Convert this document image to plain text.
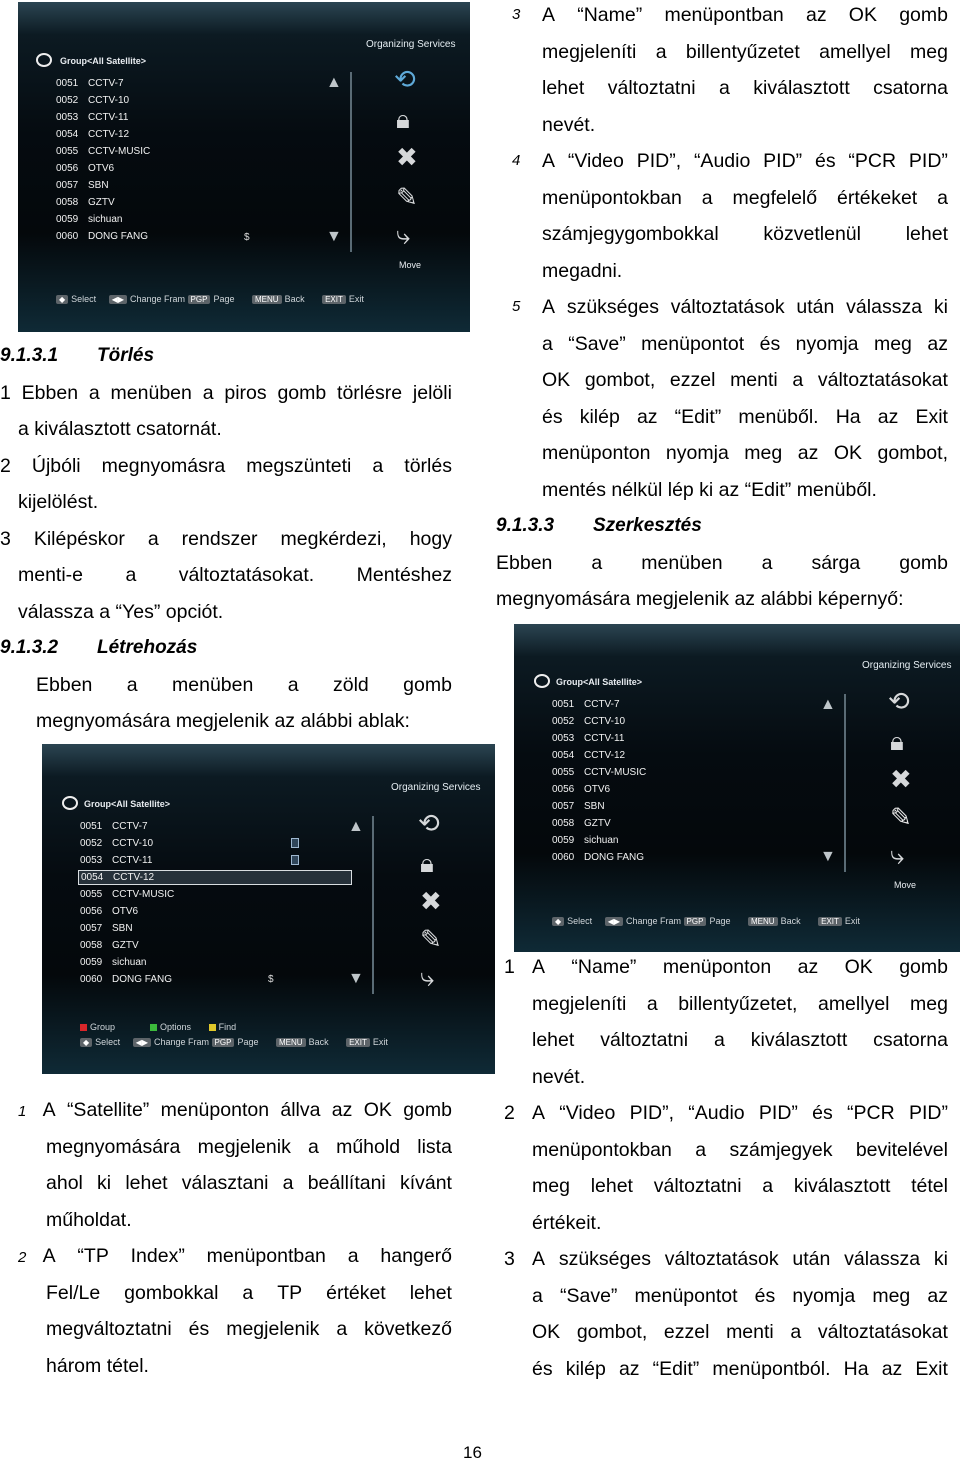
Group<All Satellite>
Organizing Services
0051 CCTV-7
0052 CCTV-10
0053 CCTV-11
0054 CCTV-12
0055 CCTV-MUSIC
0056 OTV6
0057 SBN
0058 GZTV
0059 sichuan
0060 DONG FANG	$
▲
▼
⟲
🔒︎
✖
✎
⤷
Move
◆ Select ◀▶ Change Fram PGP Page	MENU Back	EXIT Exit
9.1.3.1 Törlés
1 Ebben a menüben a piros gomb törlésre jelöli
a kiválasztott csatornát.
2 Újbóli megnyomásra megszünteti a törlés
kijelölést.
3 Kilépéskor a rendszer megkérdezi, hogy
menti-e a változtatásokat. Mentéshez
válassza a “Yes” opciót.
9.1.3.2 Létrehozás
Ebben a menüben a zöld gomb
megnyomására megjelenik az alábbi ablak:
Group<All Satellite>
Organizing Services
0051 CCTV-7
0052 CCTV-10
0053 CCTV-11
0054 CCTV-12
0055 CCTV-MUSIC
0056 OTV6
0057 SBN
0058 GZTV
0059 sichuan
0060 DONG FANG	$
▲
▼
⟲
🔒︎
✖
✎
⤷
Group	Options	Find
◆ Select ◀▶ Change Fram PGP Page	MENU Back	EXIT Exit
1 A “Satellite” menüponton állva az OK gomb
megnyomására megjelenik a műhold lista
ahol ki lehet választani a beállítani kívánt
műholdat.
2 A “TP Index” menüpontban a hangerő
Fel/Le gombokkal a TP értéket lehet
megváltoztatni és megjelenik a következő
három tétel.
3	A “Name” menüpontban az OK gomb
megjeleníti a billentyűzetet amellyel meg
lehet változtatni a kiválasztott csatorna
nevét.
4	A “Video PID”, “Audio PID” és “PCR PID”
menüpontokban a megfelelő értékeket a
számjegygombokkal közvetlenül lehet
megadni.
5	A szükséges változtatások után válassza ki
a “Save” menüpontot és nyomja meg az
OK gombot, ezzel menti a változtatásokat
és kilép az “Edit” menüből. Ha az Exit
menüponton nyomja meg az OK gombot,
mentés nélkül lép ki az “Edit” menüből.
9.1.3.3 Szerkesztés
Ebben a menüben a sárga gomb
megnyomására megjelenik az alábbi képernyő:
Group<All Satellite>
Organizing Services
0051 CCTV-7
0052 CCTV-10
0053 CCTV-11
0054 CCTV-12
0055 CCTV-MUSIC
0056 OTV6
0057 SBN
0058 GZTV
0059 sichuan
0060 DONG FANG
▲
▼
⟲
🔒︎
✖
✎
⤷
Move
◆ Select ◀▶ Change Fram PGP Page	MENU Back	EXIT Exit
1 A “Name” menüponton az OK gomb
megjeleníti a billentyűzetet, amellyel meg
lehet változtatni a kiválasztott csatorna
nevét.
2 A “Video PID”, “Audio PID” és “PCR PID”
menüpontokban a számjegyek bevitelével
meg lehet változtatni a kiválasztott tétel
értékeit.
3 A szükséges változtatások után válassza ki
a “Save” menüpontot és nyomja meg az
OK gombot, ezzel menti a változtatásokat
és kilép az “Edit” menüpontból. Ha az Exit
16
